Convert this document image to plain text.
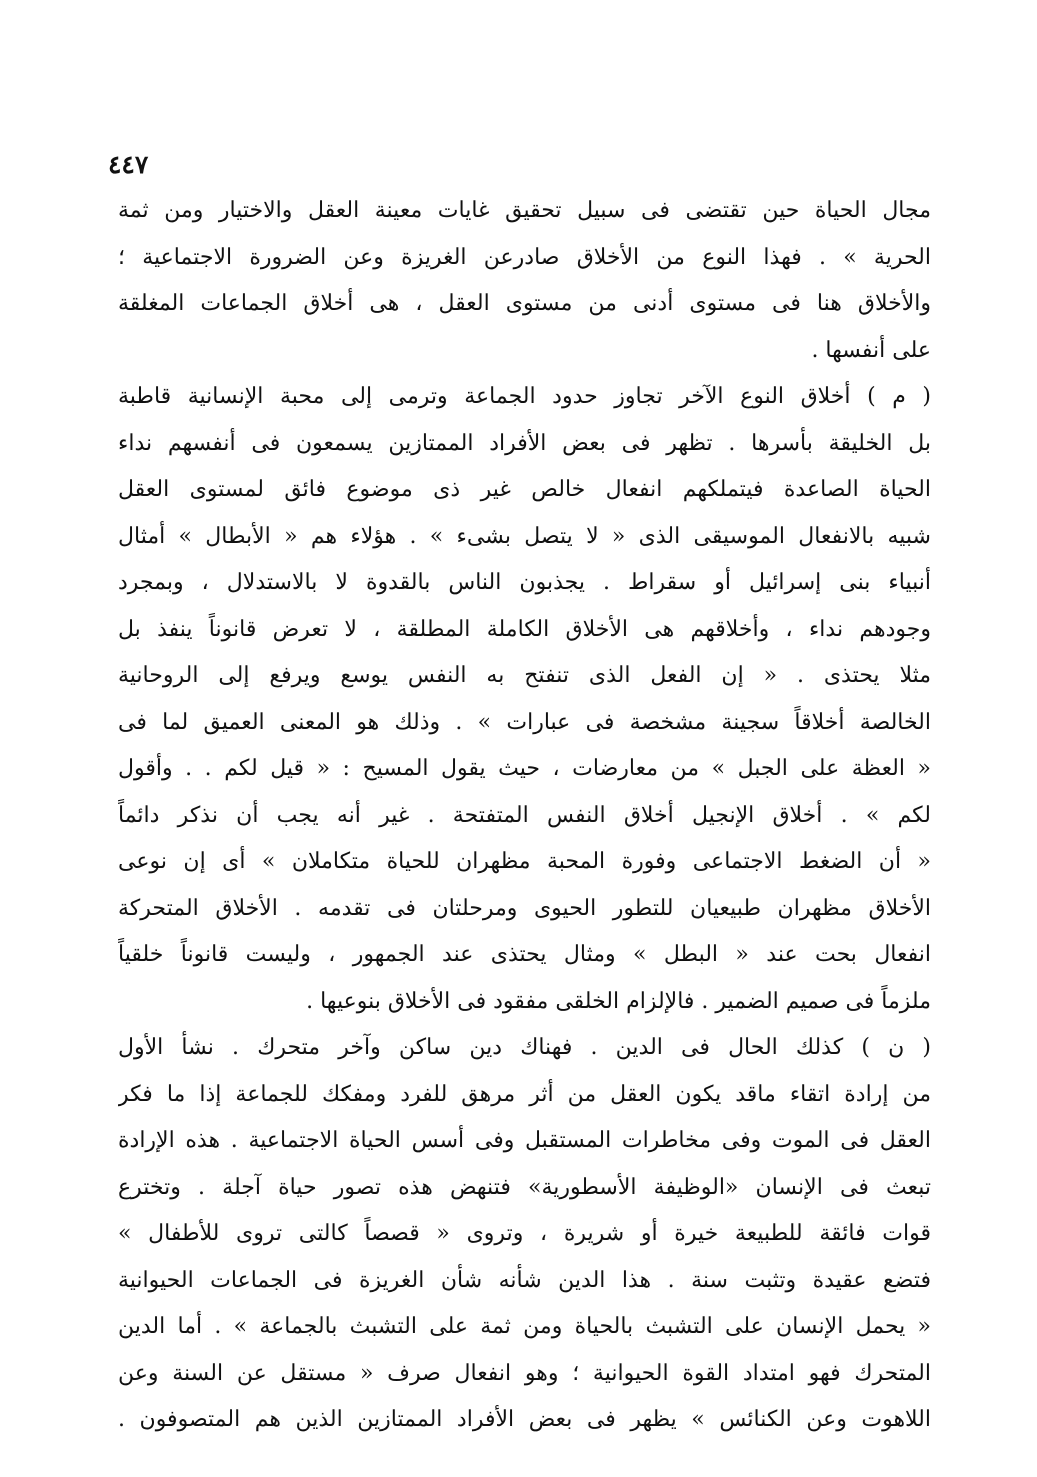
٤٤٧
مجال الحياة حين تقتضى فى سبيل تحقيق غايات معينة العقل والاختيار ومن ثمة
الحرية » . فهذا النوع من الأخلاق صادرعن الغريزة وعن الضرورة الاجتماعية ؛
والأخلاق هنا فى مستوى أدنى من مستوى العقل ، هى أخلاق الجماعات المغلقة
على أنفسها .
( م ) أخلاق النوع الآخر تجاوز حدود الجماعة وترمى إلى محبة الإنسانية قاطبة
بل الخليقة بأسرها . تظهر فى بعض الأفراد الممتازين يسمعون فى أنفسهم نداء
الحياة الصاعدة فيتملكهم انفعال خالص غير ذى موضوع فائق لمستوى العقل
شبيه بالانفعال الموسيقى الذى « لا يتصل بشىء » . هؤلاء هم « الأبطال » أمثال
أنبياء بنى إسرائيل أو سقراط . يجذبون الناس بالقدوة لا بالاستدلال ، وبمجرد
وجودهم نداء ، وأخلاقهم هى الأخلاق الكاملة المطلقة ، لا تعرض قانوناً ينفذ بل
مثلا يحتذى . « إن الفعل الذى تنفتح به النفس يوسع ويرفع إلى الروحانية
الخالصة أخلاقاً سجينة مشخصة فى عبارات » . وذلك هو المعنى العميق لما فى
« العظة على الجبل » من معارضات ، حيث يقول المسيح : « قيل لكم . . وأقول
لكم » . أخلاق الإنجيل أخلاق النفس المتفتحة . غير أنه يجب أن نذكر دائماً
« أن الضغط الاجتماعى وفورة المحبة مظهران للحياة متكاملان » أى إن نوعى
الأخلاق مظهران طبيعيان للتطور الحيوى ومرحلتان فى تقدمه . الأخلاق المتحركة
انفعال بحت عند « البطل » ومثال يحتذى عند الجمهور ، وليست قانوناً خلقياً
ملزماً فى صميم الضمير . فالإلزام الخلقى مفقود فى الأخلاق بنوعيها .
( ن ) كذلك الحال فى الدين . فهناك دين ساكن وآخر متحرك . نشأ الأول
من إرادة اتقاء ماقد يكون العقل من أثر مرهق للفرد ومفكك للجماعة إذا ما فكر
العقل فى الموت وفى مخاطرات المستقبل وفى أسس الحياة الاجتماعية . هذه الإرادة
تبعث فى الإنسان «الوظيفة الأسطورية» فتنهض هذه تصور حياة آجلة . وتخترع
قوات فائقة للطبيعة خيرة أو شريرة ، وتروى « قصصاً كالتى تروى للأطفال »
فتضع عقيدة وتثبت سنة . هذا الدين شأنه شأن الغريزة فى الجماعات الحيوانية
« يحمل الإنسان على التشبث بالحياة ومن ثمة على التشبث بالجماعة » . أما الدين
المتحرك فهو امتداد القوة الحيوانية ؛ وهو انفعال صرف « مستقل عن السنة وعن
اللاهوت وعن الكنائس » يظهر فى بعض الأفراد الممتازين الذين هم المتصوفون .
